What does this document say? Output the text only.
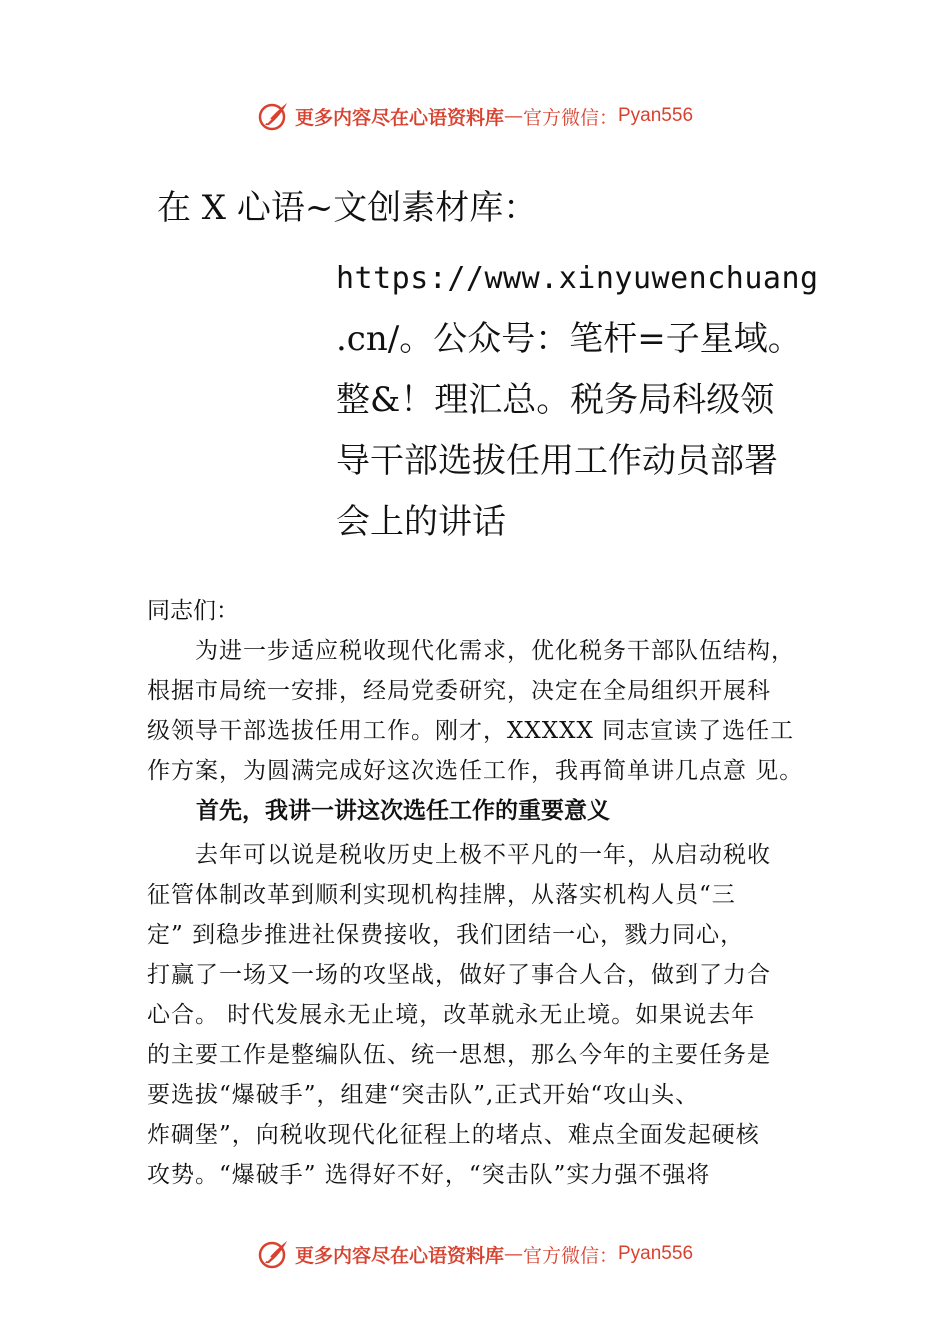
更多内容尽在心语资料库 — 官方微信： Pyan556
在 X 心语~文创素材库：
https://www.xinyuwenchuang
.cn/。公众号：笔杆=子星域。
整&！理汇总。税务局科级领
导干部选拔任用工作动员部署
会上的讲话
同志们：
　　为进一步适应税收现代化需求，优化税务干部队伍结构，
根据市局统一安排，经局党委研究，决定在全局组织开展科
级领导干部选拔任用工作。刚才，XXXXX 同志宣读了选任工
作方案，为圆满完成好这次选任工作，我再简单讲几点意 见。
首先，我讲一讲这次选任工作的重要意义
　　去年可以说是税收历史上极不平凡的一年，从启动税收
征管体制改革到顺利实现机构挂牌，从落实机构人员“三
定” 到稳步推进社保费接收，我们团结一心，戮力同心，
打赢了一场又一场的攻坚战，做好了事合人合，做到了力合
心合。 时代发展永无止境，改革就永无止境。如果说去年
的主要工作是整编队伍、统一思想，那么今年的主要任务是
要选拔“爆破手”，组建“突击队”,正式开始“攻山头、
炸碉堡”，向税收现代化征程上的堵点、难点全面发起硬核
攻势。“爆破手” 选得好不好，“突击队”实力强不强将
更多内容尽在心语资料库 — 官方微信： Pyan556
